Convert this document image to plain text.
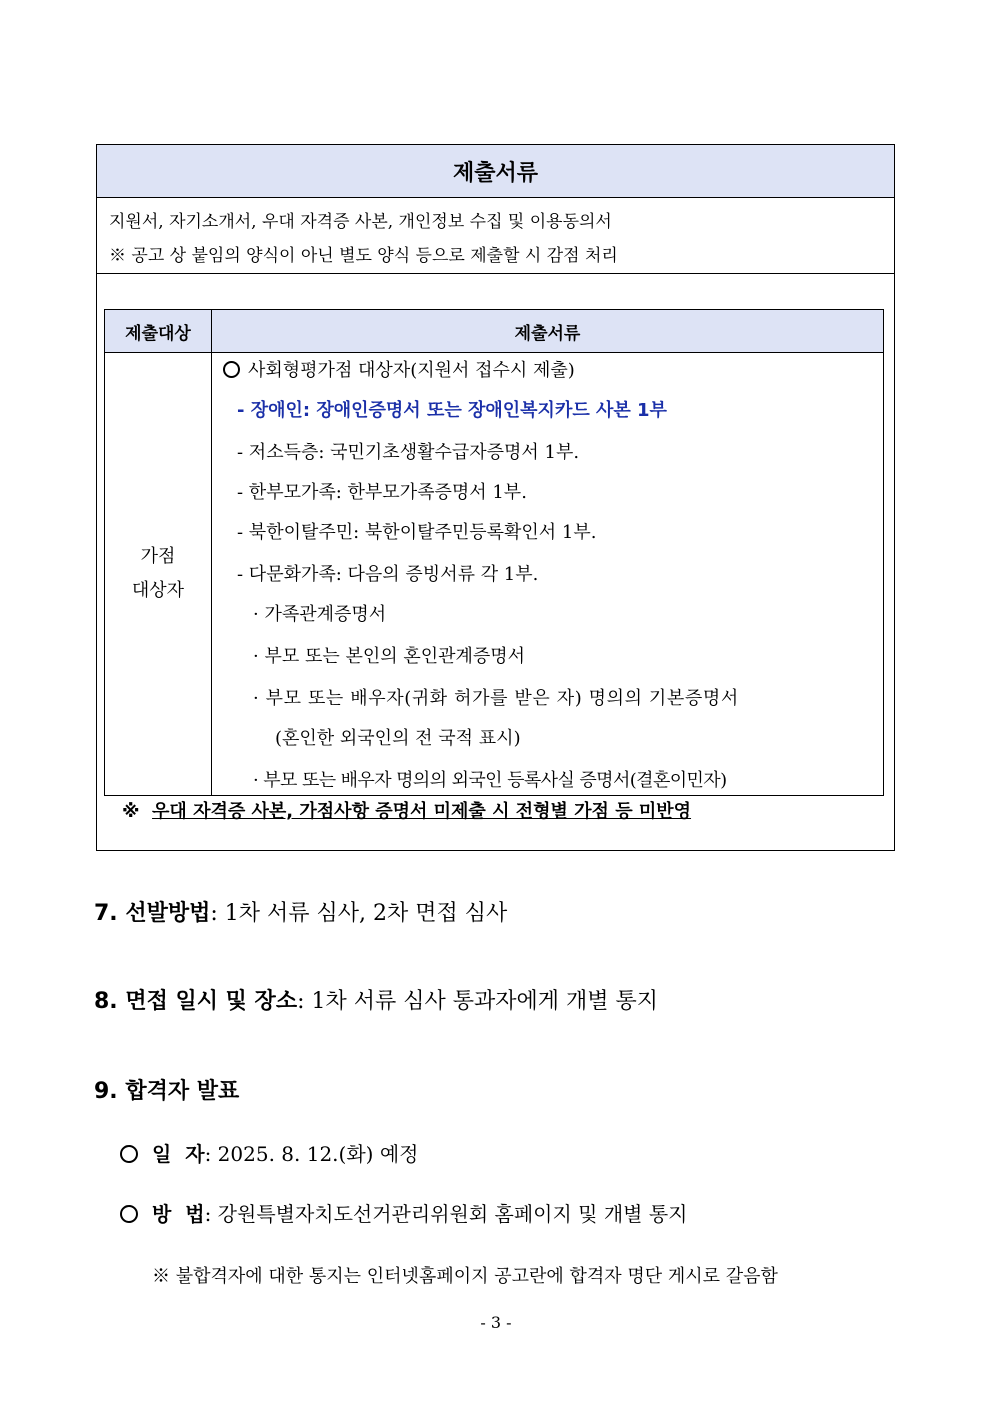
제출서류
지원서, 자기소개서, 우대 자격증 사본, 개인정보 수집 및 이용동의서
※ 공고 상 붙임의 양식이 아닌 별도 양식 등으로 제출할 시 감점 처리
제출대상	제출서류
가점
대상자
사회형평가점 대상자(지원서 접수시 제출)
- 장애인: 장애인증명서 또는 장애인복지카드 사본 1부
- 저소득층: 국민기초생활수급자증명서 1부.
- 한부모가족: 한부모가족증명서 1부.
- 북한이탈주민: 북한이탈주민등록확인서 1부.
- 다문화가족: 다음의 증빙서류 각 1부.
· 가족관계증명서
· 부모 또는 본인의 혼인관계증명서
· 부모 또는 배우자(귀화 허가를 받은 자) 명의의 기본증명서
(혼인한 외국인의 전 국적 표시)
· 부모 또는 배우자 명의의 외국인 등록사실 증명서(결혼이민자)
※ 우대 자격증 사본, 가점사항 증명서 미제출 시 전형별 가점 등 미반영
7. 선발방법: 1차 서류 심사, 2차 면접 심사
8. 면접 일시 및 장소: 1차 서류 심사 통과자에게 개별 통지
9. 합격자 발표
일  자: 2025. 8. 12.(화) 예정
방  법: 강원특별자치도선거관리위원회 홈페이지 및 개별 통지
※ 불합격자에 대한 통지는 인터넷홈페이지 공고란에 합격자 명단 게시로 갈음함
- 3 -
